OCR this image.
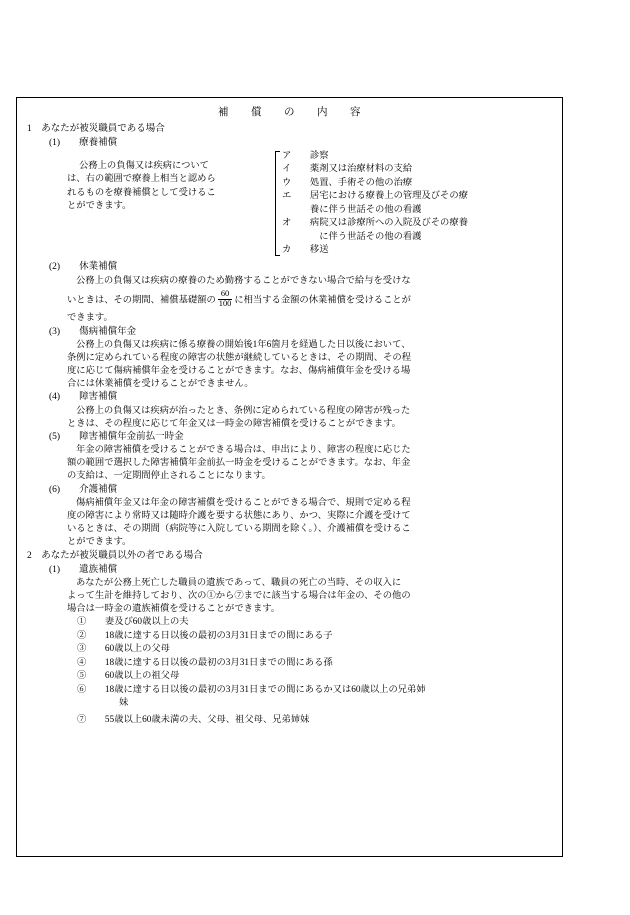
補　　償　　の　　内　　容
1　あなたが被災職員である場合
(1)　　療養補償
公務上の負傷又は疾病について
は、右の範囲で療養上相当と認めら
れるものを療養補償として受けるこ
とができます。
ア　　診察
イ　　薬剤又は治療材料の支給
ウ　　処置、手術その他の治療
エ　　居宅における療養上の管理及びその療
　　　養に伴う世話その他の看護
オ　　病院又は診療所への入院及びその療養
　　　　に伴う世話その他の看護
カ　　移送
(2)　　休業補償
公務上の負傷又は疾病の療養のため勤務することができない場合で給与を受けな
いときは、その期間、補償基礎額の $\frac{60}{100}$ に相当する金額の休業補償を受けることが
できます。
(3)　　傷病補償年金
公務上の負傷又は疾病に係る療養の開始後1年6箇月を経過した日以後において、
条例に定められている程度の障害の状態が継続しているときは、その期間、その程
度に応じて傷病補償年金を受けることができます。なお、傷病補償年金を受ける場
合には休業補償を受けることができません。
(4)　　障害補償
公務上の負傷又は疾病が治ったとき、条例に定められている程度の障害が残った
ときは、その程度に応じて年金又は一時金の障害補償を受けることができます。
(5)　　障害補償年金前払一時金
年金の障害補償を受けることができる場合は、申出により、障害の程度に応じた
額の範囲で選択した障害補償年金前払一時金を受けることができます。なお、年金
の支給は、一定期間停止されることになります。
(6)　　介護補償
傷病補償年金又は年金の障害補償を受けることができる場合で、規則で定める程
度の障害により常時又は随時介護を要する状態にあり、かつ、実際に介護を受けて
いるときは、その期間（病院等に入院している期間を除く。）、介護補償を受けるこ
とができます。
2　あなたが被災職員以外の者である場合
(1)　　遺族補償
あなたが公務上死亡した職員の遺族であって、職員の死亡の当時、その収入に
よって生計を維持しており、次の①から⑦までに該当する場合は年金の、その他の
場合は一時金の遺族補償を受けることができます。
①　　妻及び60歳以上の夫
②　　18歳に達する日以後の最初の3月31日までの間にある子
③　　60歳以上の父母
④　　18歳に達する日以後の最初の3月31日までの間にある孫
⑤　　60歳以上の祖父母
⑥　　18歳に達する日以後の最初の3月31日までの間にあるか又は60歳以上の兄弟姉
妹
⑦　　55歳以上60歳未満の夫、父母、祖父母、兄弟姉妹
